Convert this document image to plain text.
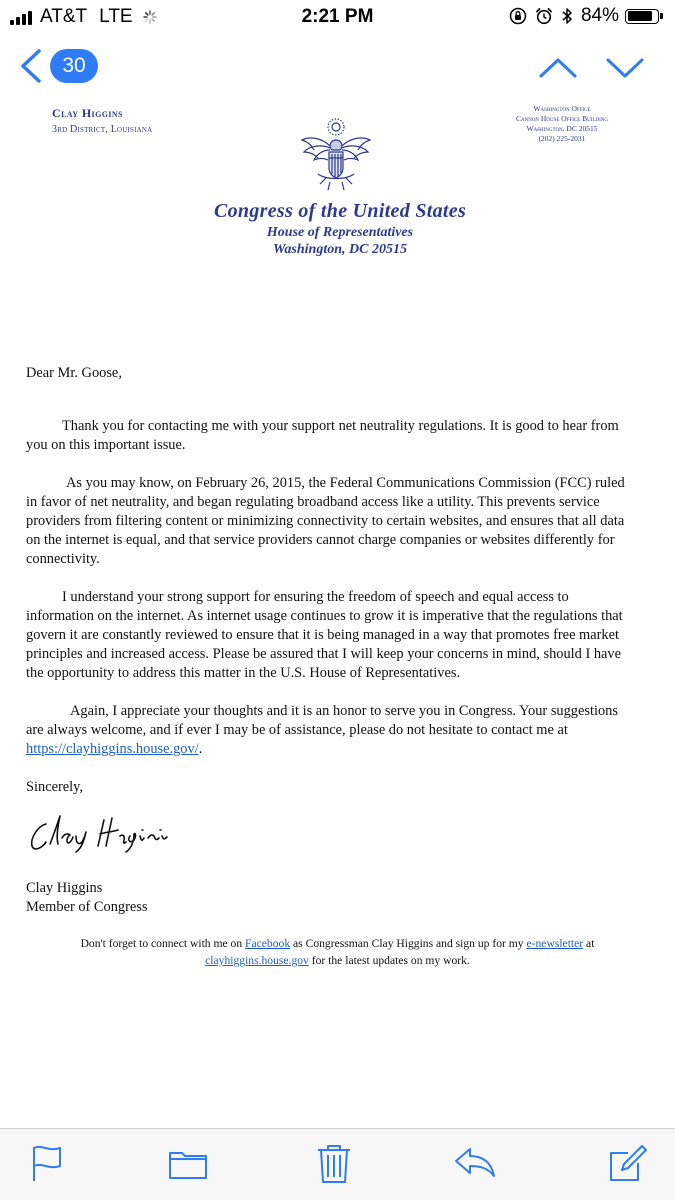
AT&T LTE	2:21 PM	84%
30
Clay Higgins
3rd District, Louisiana
Washington Office
Cannon House Office Building
Washington, DC 20515
(202) 225-2031
Congress of the United States
House of Representatives
Washington, DC 20515

Dear Mr. Goose,

Thank you for contacting me with your support net neutrality regulations. It is good to hear from you on this important issue.

As you may know, on February 26, 2015, the Federal Communications Commission (FCC) ruled in favor of net neutrality, and began regulating broadband access like a utility. This prevents service providers from filtering content or minimizing connectivity to certain websites, and ensures that all data on the internet is equal, and that service providers cannot charge companies or websites differently for connectivity.

I understand your strong support for ensuring the freedom of speech and equal access to information on the internet. As internet usage continues to grow it is imperative that the regulations that govern it are constantly reviewed to ensure that it is being managed in a way that promotes free market principles and increased access. Please be assured that I will keep your concerns in mind, should I have the opportunity to address this matter in the U.S. House of Representatives.

Again, I appreciate your thoughts and it is an honor to serve you in Congress. Your suggestions are always welcome, and if ever I may be of assistance, please do not hesitate to contact me at https://clayhiggins.house.gov/.

Sincerely,

Clay Higgins
Member of Congress
Don't forget to connect with me on Facebook as Congressman Clay Higgins and sign up for my e-newsletter at
clayhiggins.house.gov for the latest updates on my work.
